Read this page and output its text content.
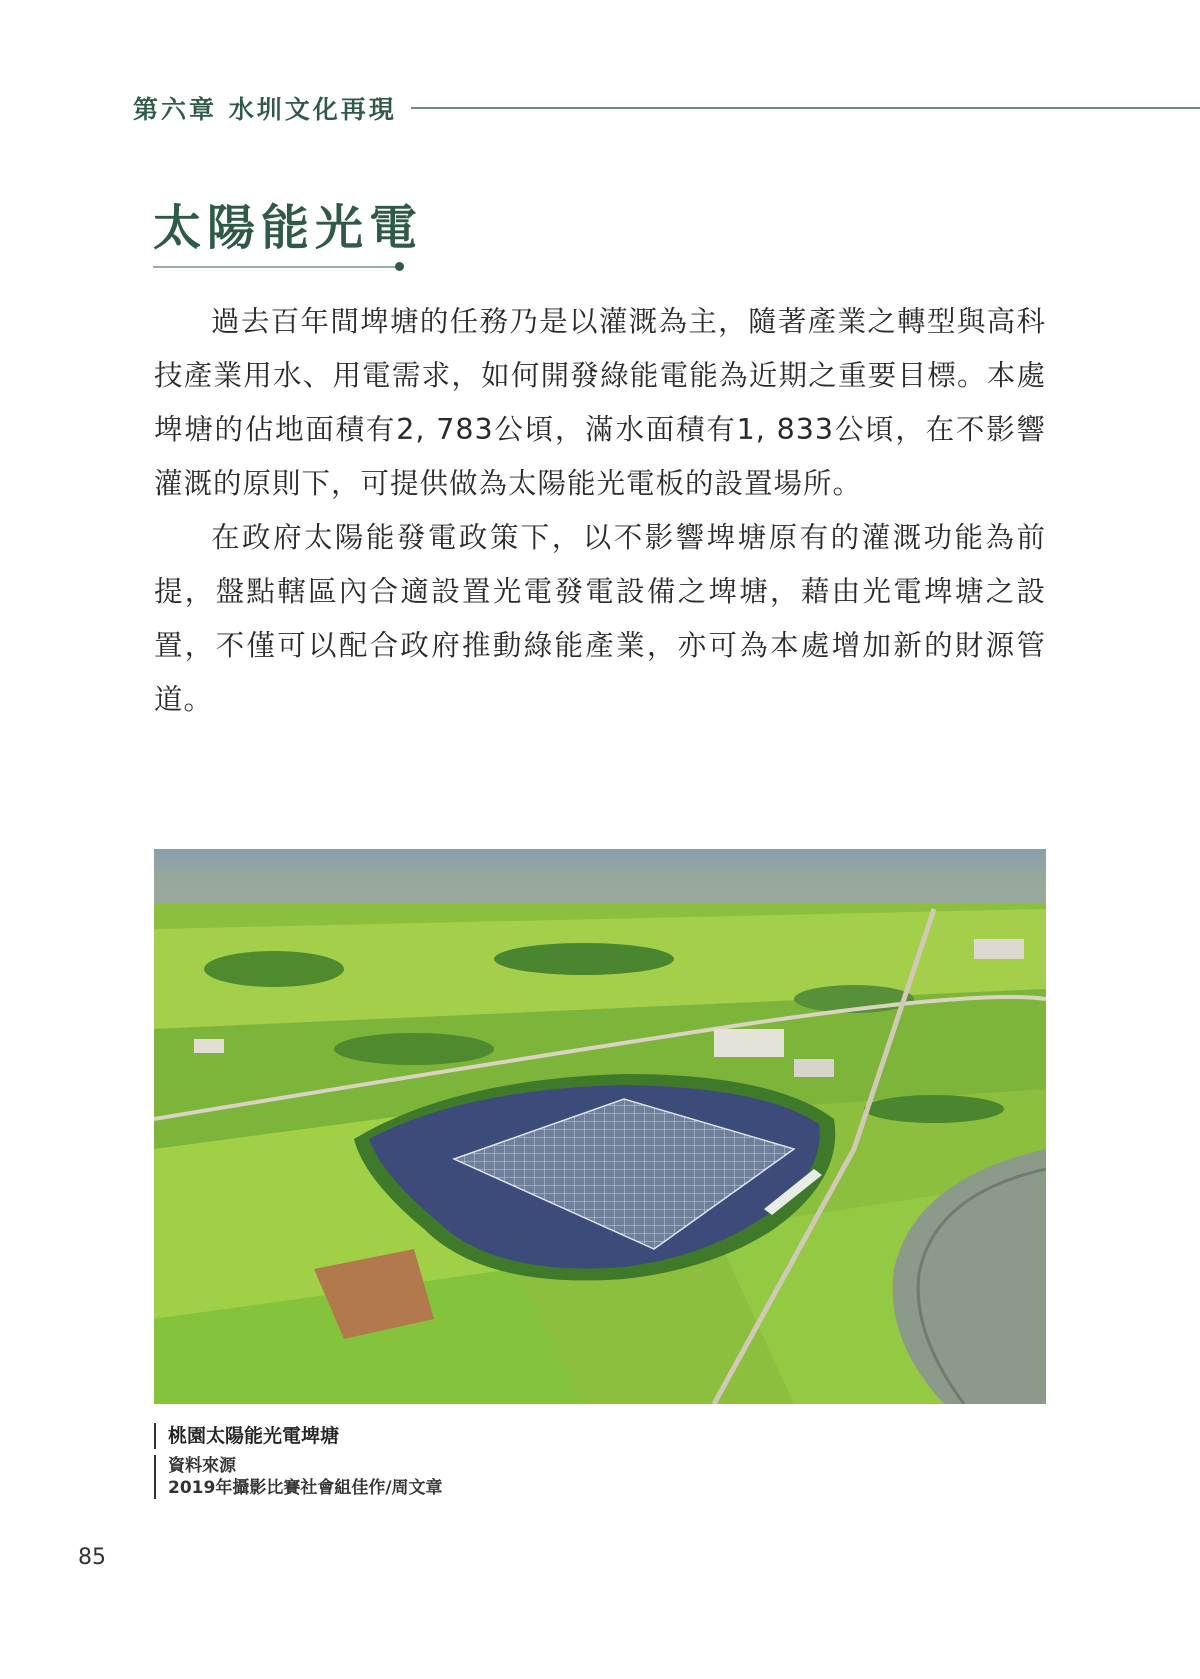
第六章 水圳文化再現
太陽能光電

過去百年間埤塘的任務乃是以灌溉為主，隨著產業之轉型與高科技產業用水、用電需求，如何開發綠能電能為近期之重要目標。本處埤塘的佔地面積有2, 783公頃，滿水面積有1, 833公頃，在不影響灌溉的原則下，可提供做為太陽能光電板的設置場所。

在政府太陽能發電政策下，以不影響埤塘原有的灌溉功能為前提，盤點轄區內合適設置光電發電設備之埤塘，藉由光電埤塘之設置，不僅可以配合政府推動綠能產業，亦可為本處增加新的財源管道。

桃園太陽能光電埤塘
資料來源
2019年攝影比賽社會組佳作/周文章
85
